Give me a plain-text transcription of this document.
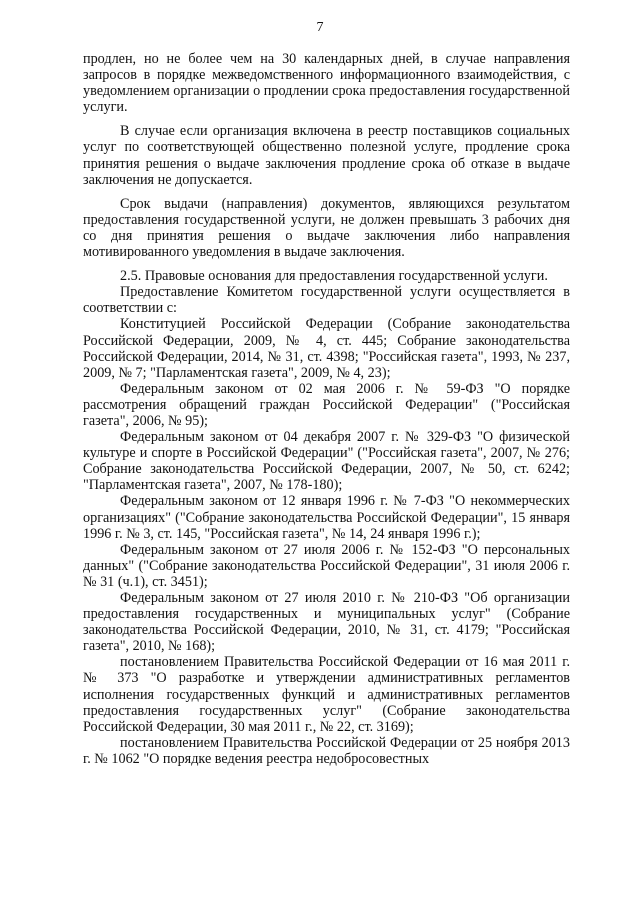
7

продлен, но не более чем на 30 календарных дней, в случае направления запросов в порядке межведомственного информационного взаимодействия, с уведомлением организации о продлении срока предоставления государственной услуги.

В случае если организация включена в реестр поставщиков социальных услуг по соответствующей общественно полезной услуге, продление срока принятия решения о выдаче заключения продление срока об отказе в выдаче заключения не допускается.

Срок выдачи (направления) документов, являющихся результатом предоставления государственной услуги, не должен превышать 3 рабочих дня со дня принятия решения о выдаче заключения либо направления мотивированного уведомления в выдаче заключения.

2.5. Правовые основания для предоставления государственной услуги.

Предоставление Комитетом государственной услуги осуществляется в соответствии с:

Конституцией Российской Федерации (Собрание законодательства Российской Федерации, 2009, № 4, ст. 445; Собрание законодательства Российской Федерации, 2014, № 31, ст. 4398; "Российская газета", 1993, № 237, 2009, № 7; "Парламентская газета", 2009, № 4, 23);

Федеральным законом от 02 мая 2006 г. № 59-ФЗ "О порядке рассмотрения обращений граждан Российской Федерации" ("Российская газета", 2006, № 95);

Федеральным законом от 04 декабря 2007 г. № 329-ФЗ "О физической культуре и спорте в Российской Федерации" ("Российская газета", 2007, № 276; Собрание законодательства Российской Федерации, 2007, № 50, ст. 6242; "Парламентская газета", 2007, № 178-180);

Федеральным законом от 12 января 1996 г. № 7-ФЗ "О некоммерческих организациях" ("Собрание законодательства Российской Федерации", 15 января 1996 г. № 3, ст. 145, "Российская газета", № 14, 24 января 1996 г.);

Федеральным законом от 27 июля 2006 г. № 152-ФЗ "О персональных данных" ("Собрание законодательства Российской Федерации", 31 июля 2006 г. № 31 (ч.1), ст. 3451);

Федеральным законом от 27 июля 2010 г. № 210-ФЗ "Об организации предоставления государственных и муниципальных услуг" (Собрание законодательства Российской Федерации, 2010, № 31, ст. 4179; "Российская газета", 2010, № 168);

постановлением Правительства Российской Федерации от 16 мая 2011 г. № 373 "О разработке и утверждении административных регламентов исполнения государственных функций и административных регламентов предоставления государственных услуг" (Собрание законодательства Российской Федерации, 30 мая 2011 г., № 22, ст. 3169);

постановлением Правительства Российской Федерации от 25 ноября 2013 г. № 1062 "О порядке ведения реестра недобросовестных
